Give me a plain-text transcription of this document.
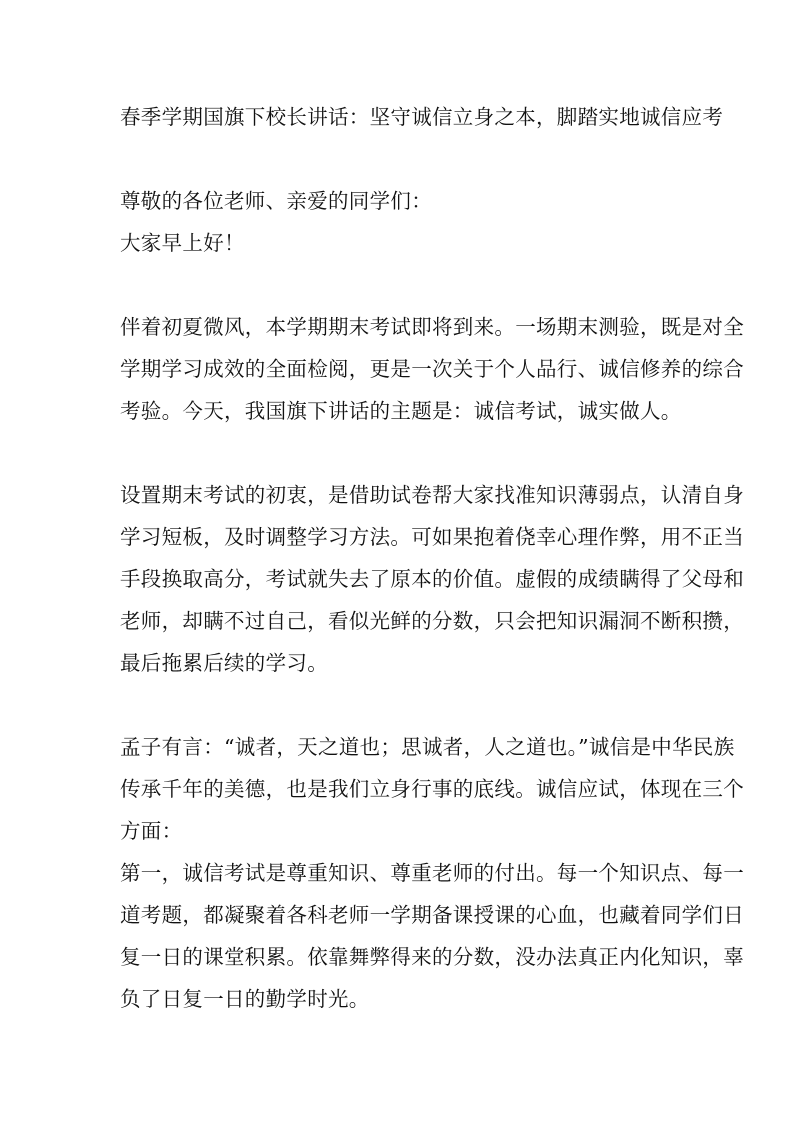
春季学期国旗下校长讲话：坚守诚信立身之本，脚踏实地诚信应考
尊敬的各位老师、亲爱的同学们：
大家早上好！
伴着初夏微风，本学期期末考试即将到来。一场期末测验，既是对全
学期学习成效的全面检阅，更是一次关于个人品行、诚信修养的综合
考验。今天，我国旗下讲话的主题是：诚信考试，诚实做人。
设置期末考试的初衷，是借助试卷帮大家找准知识薄弱点，认清自身
学习短板，及时调整学习方法。可如果抱着侥幸心理作弊，用不正当
手段换取高分，考试就失去了原本的价值。虚假的成绩瞒得了父母和
老师，却瞒不过自己，看似光鲜的分数，只会把知识漏洞不断积攒，
最后拖累后续的学习。
孟子有言：“诚者，天之道也；思诚者，人之道也。”诚信是中华民族
传承千年的美德，也是我们立身行事的底线。诚信应试，体现在三个
方面：
第一，诚信考试是尊重知识、尊重老师的付出。每一个知识点、每一
道考题，都凝聚着各科老师一学期备课授课的心血，也藏着同学们日
复一日的课堂积累。依靠舞弊得来的分数，没办法真正内化知识，辜
负了日复一日的勤学时光。
